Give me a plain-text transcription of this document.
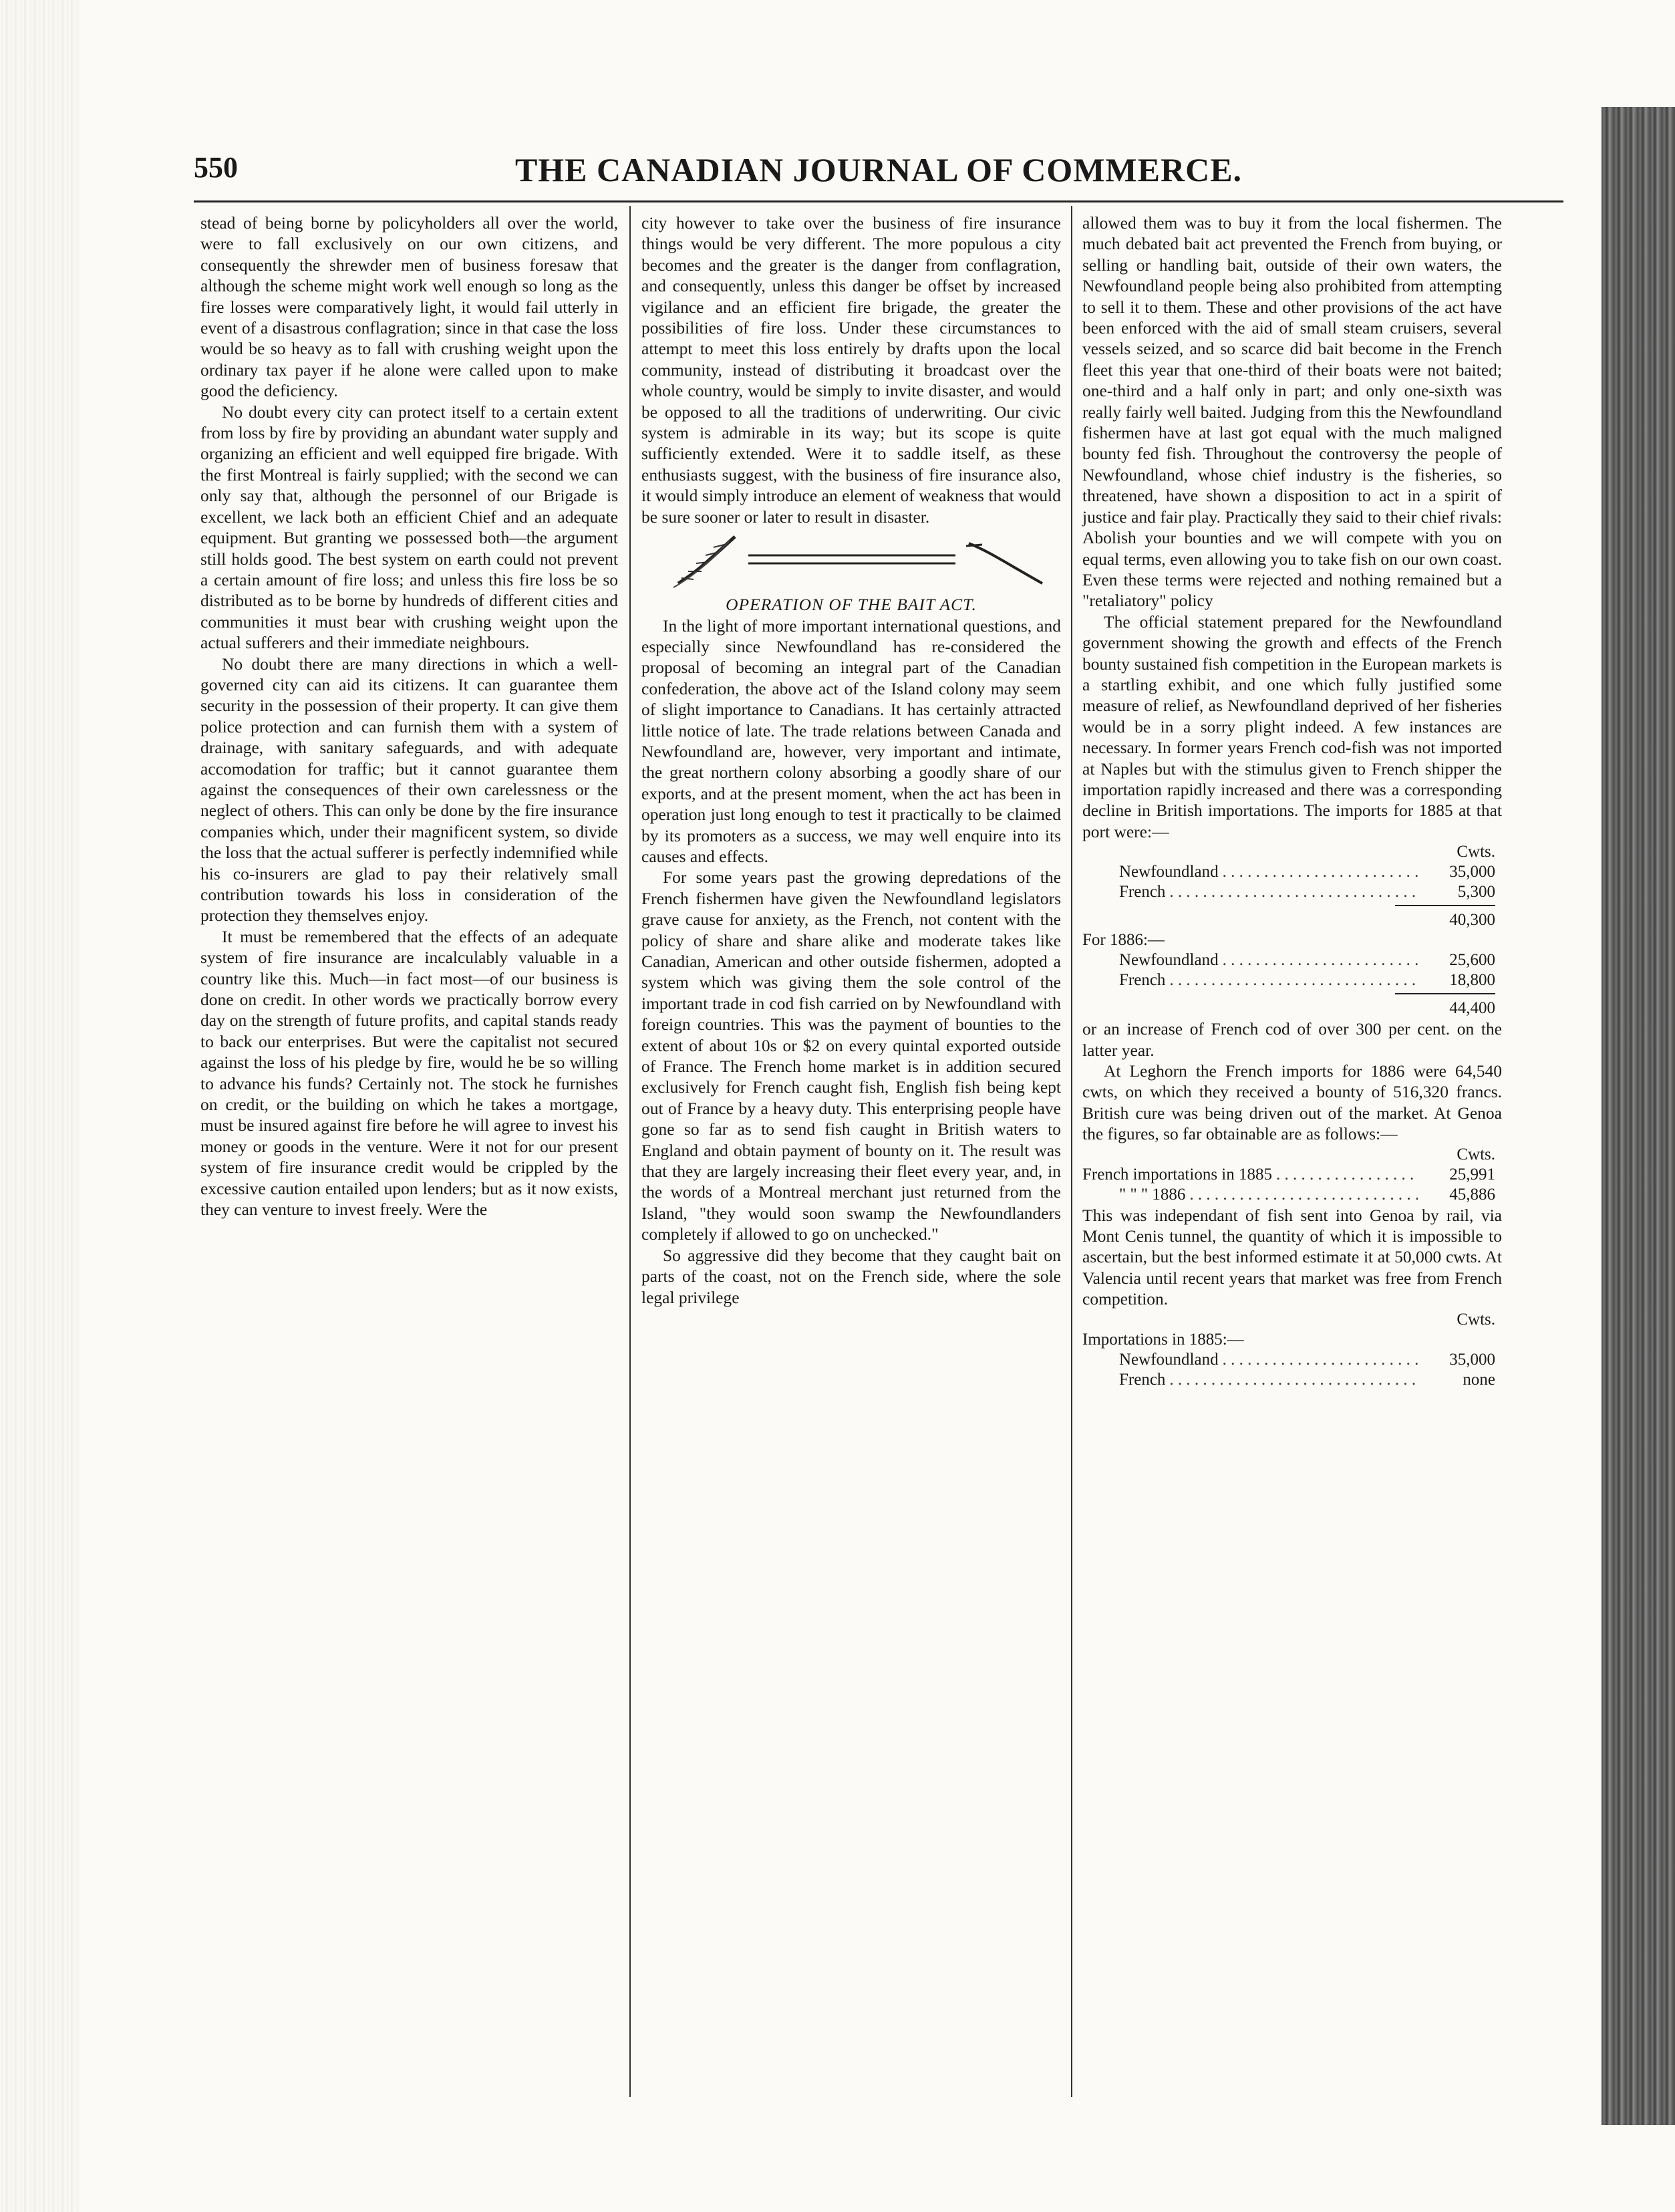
550	THE CANADIAN JOURNAL OF COMMERCE.

stead of being borne by policyholders all over the world, were to fall exclusively on our own citizens, and consequently the shrewder men of business foresaw that although the scheme might work well enough so long as the fire losses were comparatively light, it would fail utterly in event of a disastrous conflagration; since in that case the loss would be so heavy as to fall with crushing weight upon the ordinary tax payer if he alone were called upon to make good the deficiency.

No doubt every city can protect itself to a certain extent from loss by fire by providing an abundant water supply and organizing an efficient and well equipped fire brigade. With the first Montreal is fairly supplied; with the second we can only say that, although the personnel of our Brigade is excellent, we lack both an efficient Chief and an adequate equipment. But granting we possessed both—the argument still holds good. The best system on earth could not prevent a certain amount of fire loss; and unless this fire loss be so distributed as to be borne by hundreds of different cities and communities it must bear with crushing weight upon the actual sufferers and their immediate neighbours.

No doubt there are many directions in which a well-governed city can aid its citizens. It can guarantee them security in the possession of their property. It can give them police protection and can furnish them with a system of drainage, with sanitary safeguards, and with adequate accomodation for traffic; but it cannot guarantee them against the consequences of their own carelessness or the neglect of others. This can only be done by the fire insurance companies which, under their magnificent system, so divide the loss that the actual sufferer is perfectly indemnified while his co-insurers are glad to pay their relatively small contribution towards his loss in consideration of the protection they themselves enjoy.

It must be remembered that the effects of an adequate system of fire insurance are incalculably valuable in a country like this. Much—in fact most—of our business is done on credit. In other words we practically borrow every day on the strength of future profits, and capital stands ready to back our enterprises. But were the capitalist not secured against the loss of his pledge by fire, would he be so willing to advance his funds? Certainly not. The stock he furnishes on credit, or the building on which he takes a mortgage, must be insured against fire before he will agree to invest his money or goods in the venture. Were it not for our present system of fire insurance credit would be crippled by the excessive caution entailed upon lenders; but as it now exists, they can venture to invest freely. Were the

city however to take over the business of fire insurance things would be very different. The more populous a city becomes and the greater is the danger from conflagration, and consequently, unless this danger be offset by increased vigilance and an efficient fire brigade, the greater the possibilities of fire loss. Under these circumstances to attempt to meet this loss entirely by drafts upon the local community, instead of distributing it broadcast over the whole country, would be simply to invite disaster, and would be opposed to all the traditions of underwriting. Our civic system is admirable in its way; but its scope is quite sufficiently extended. Were it to saddle itself, as these enthusiasts suggest, with the business of fire insurance also, it would simply introduce an element of weakness that would be sure sooner or later to result in disaster.

OPERATION OF THE BAIT ACT.

In the light of more important international questions, and especially since Newfoundland has re-considered the proposal of becoming an integral part of the Canadian confederation, the above act of the Island colony may seem of slight importance to Canadians. It has certainly attracted little notice of late. The trade relations between Canada and Newfoundland are, however, very important and intimate, the great northern colony absorbing a goodly share of our exports, and at the present moment, when the act has been in operation just long enough to test it practically to be claimed by its promoters as a success, we may well enquire into its causes and effects.

For some years past the growing depredations of the French fishermen have given the Newfoundland legislators grave cause for anxiety, as the French, not content with the policy of share and share alike and moderate takes like Canadian, American and other outside fishermen, adopted a system which was giving them the sole control of the important trade in cod fish carried on by Newfoundland with foreign countries. This was the payment of bounties to the extent of about 10s or $2 on every quintal exported outside of France. The French home market is in addition secured exclusively for French caught fish, English fish being kept out of France by a heavy duty. This enterprising people have gone so far as to send fish caught in British waters to England and obtain payment of bounty on it. The result was that they are largely increasing their fleet every year, and, in the words of a Montreal merchant just returned from the Island, "they would soon swamp the Newfoundlanders completely if allowed to go on unchecked."

So aggressive did they become that they caught bait on parts of the coast, not on the French side, where the sole legal privilege

allowed them was to buy it from the local fishermen. The much debated bait act prevented the French from buying, or selling or handling bait, outside of their own waters, the Newfoundland people being also prohibited from attempting to sell it to them. These and other provisions of the act have been enforced with the aid of small steam cruisers, several vessels seized, and so scarce did bait become in the French fleet this year that one-third of their boats were not baited; one-third and a half only in part; and only one-sixth was really fairly well baited. Judging from this the Newfoundland fishermen have at last got equal with the much maligned bounty fed fish. Throughout the controversy the people of Newfoundland, whose chief industry is the fisheries, so threatened, have shown a disposition to act in a spirit of justice and fair play. Practically they said to their chief rivals: Abolish your bounties and we will compete with you on equal terms, even allowing you to take fish on our own coast. Even these terms were rejected and nothing remained but a "retaliatory" policy

The official statement prepared for the Newfoundland government showing the growth and effects of the French bounty sustained fish competition in the European markets is a startling exhibit, and one which fully justified some measure of relief, as Newfoundland deprived of her fisheries would be in a sorry plight indeed. A few instances are necessary. In former years French cod-fish was not imported at Naples but with the stimulus given to French shipper the importation rapidly increased and there was a corresponding decline in British importations. The imports for 1885 at that port were:—

Cwts.
Newfoundland . . .	35,000
French . . .	5,300
40,300
For 1886:—
Newfoundland . . .	25,600
French . . .	18,800
44,400

or an increase of French cod of over 300 per cent. on the latter year.

At Leghorn the French imports for 1886 were 64,540 cwts, on which they received a bounty of 516,320 francs. British cure was being driven out of the market. At Genoa the figures, so far obtainable are as follows:—

Cwts.
French importations in 1885 . . .	25,991
" " " 1886 . . .	45,886

This was independant of fish sent into Genoa by rail, via Mont Cenis tunnel, the quantity of which it is impossible to ascertain, but the best informed estimate it at 50,000 cwts. At Valencia until recent years that market was free from French competition.

Cwts.
Importations in 1885:—
Newfoundland . . .	35,000
French . . .	none
